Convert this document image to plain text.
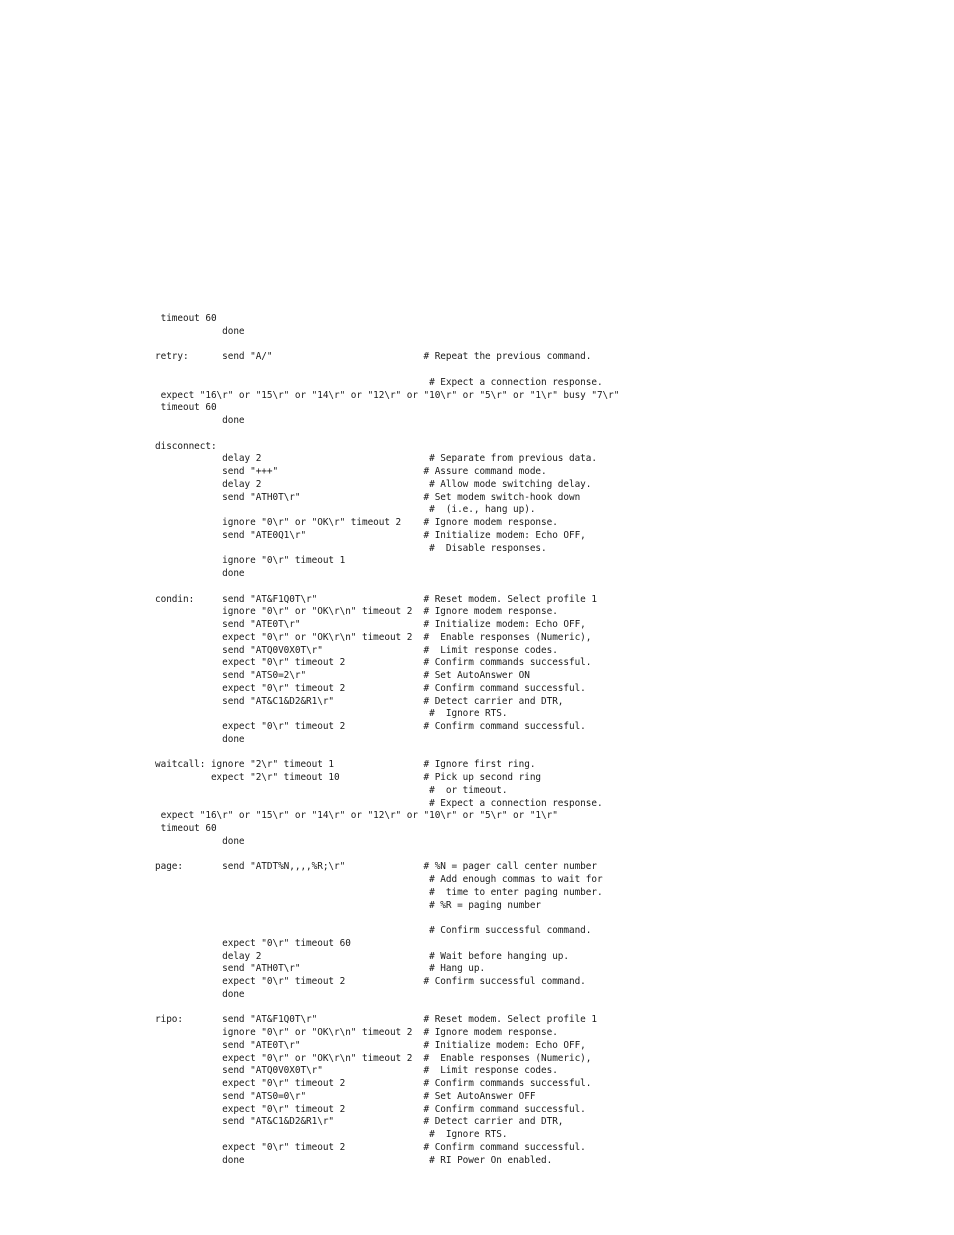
timeout 60
done
retry:      send "A/"                           # Repeat the previous command.
# Expect a connection response.
expect "16\r" or "15\r" or "14\r" or "12\r" or "10\r" or "5\r" or "1\r" busy "7\r"
timeout 60
done
disconnect:
delay 2                              # Separate from previous data.
send "+++"                          # Assure command mode.
delay 2                              # Allow mode switching delay.
send "ATH0T\r"                      # Set modem switch-hook down
#  (i.e., hang up).
ignore "0\r" or "OK\r" timeout 2    # Ignore modem response.
send "ATE0Q1\r"                     # Initialize modem: Echo OFF,
#  Disable responses.
ignore "0\r" timeout 1
done
condin:     send "AT&F1Q0T\r"                   # Reset modem. Select profile 1
ignore "0\r" or "OK\r\n" timeout 2  # Ignore modem response.
send "ATE0T\r"                      # Initialize modem: Echo OFF,
expect "0\r" or "OK\r\n" timeout 2  #  Enable responses (Numeric),
send "ATQ0V0X0T\r"                  #  Limit response codes.
expect "0\r" timeout 2              # Confirm commands successful.
send "ATS0=2\r"                     # Set AutoAnswer ON
expect "0\r" timeout 2              # Confirm command successful.
send "AT&C1&D2&R1\r"                # Detect carrier and DTR,
#  Ignore RTS.
expect "0\r" timeout 2              # Confirm command successful.
done
waitcall: ignore "2\r" timeout 1                # Ignore first ring.
expect "2\r" timeout 10               # Pick up second ring
#  or timeout.
# Expect a connection response.
expect "16\r" or "15\r" or "14\r" or "12\r" or "10\r" or "5\r" or "1\r"
timeout 60
done
page:       send "ATDT%N,,,,%R;\r"              # %N = pager call center number
# Add enough commas to wait for
#  time to enter paging number.
# %R = paging number
# Confirm successful command.
expect "0\r" timeout 60
delay 2                              # Wait before hanging up.
send "ATH0T\r"                       # Hang up.
expect "0\r" timeout 2              # Confirm successful command.
done
ripo:       send "AT&F1Q0T\r"                   # Reset modem. Select profile 1
ignore "0\r" or "OK\r\n" timeout 2  # Ignore modem response.
send "ATE0T\r"                      # Initialize modem: Echo OFF,
expect "0\r" or "OK\r\n" timeout 2  #  Enable responses (Numeric),
send "ATQ0V0X0T\r"                  #  Limit response codes.
expect "0\r" timeout 2              # Confirm commands successful.
send "ATS0=0\r"                     # Set AutoAnswer OFF
expect "0\r" timeout 2              # Confirm command successful.
send "AT&C1&D2&R1\r"                # Detect carrier and DTR,
#  Ignore RTS.
expect "0\r" timeout 2              # Confirm command successful.
done                                 # RI Power On enabled.
